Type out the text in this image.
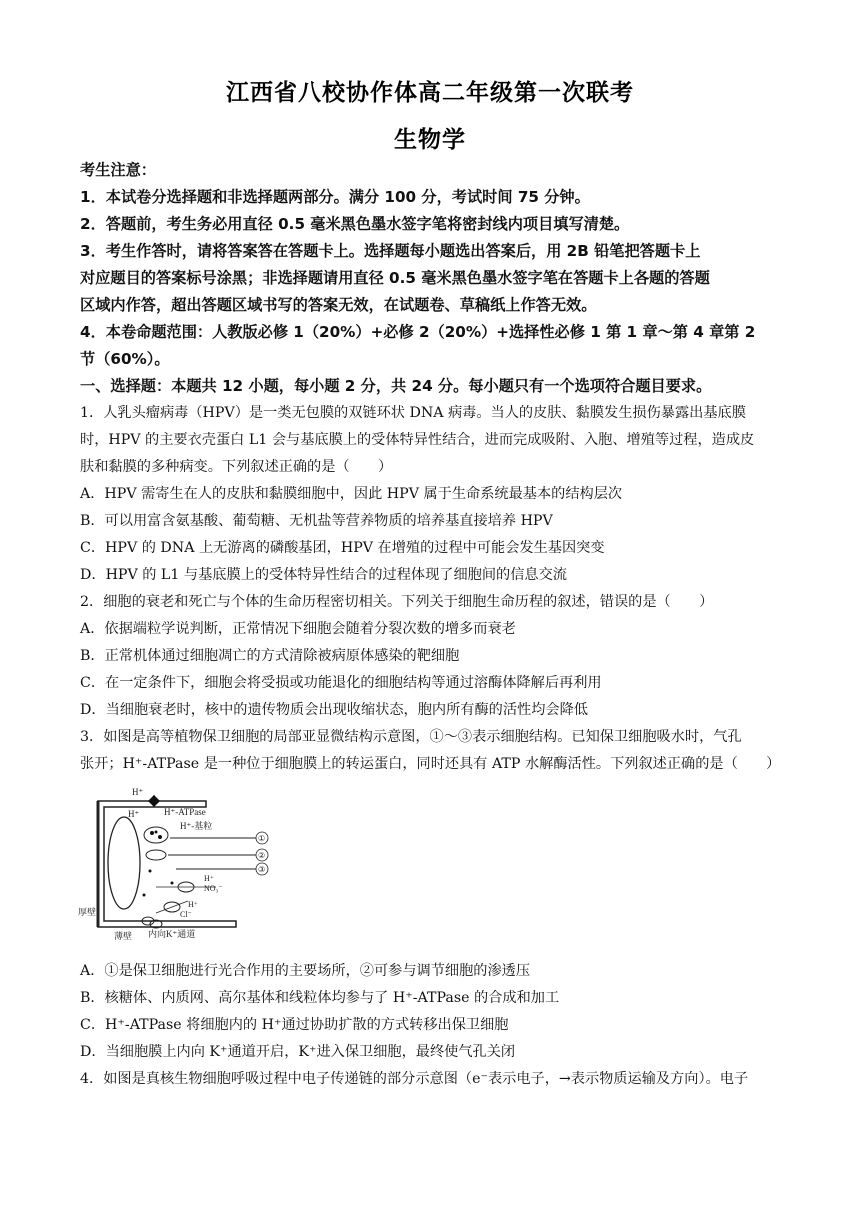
江西省八校协作体高二年级第一次联考
生物学
考生注意：
1．本试卷分选择题和非选择题两部分。满分 100 分，考试时间 75 分钟。
2．答题前，考生务必用直径 0.5 毫米黑色墨水签字笔将密封线内项目填写清楚。
3．考生作答时，请将答案答在答题卡上。选择题每小题选出答案后，用 2B 铅笔把答题卡上
对应题目的答案标号涂黑；非选择题请用直径 0.5 毫米黑色墨水签字笔在答题卡上各题的答题
区域内作答，超出答题区域书写的答案无效，在试题卷、草稿纸上作答无效。
4．本卷命题范围：人教版必修 1（20%）+必修 2（20%）+选择性必修 1 第 1 章～第 4 章第 2
节（60%）。
一、选择题：本题共 12 小题，每小题 2 分，共 24 分。每小题只有一个选项符合题目要求。
1．人乳头瘤病毒（HPV）是一类无包膜的双链环状 DNA 病毒。当人的皮肤、黏膜发生损伤暴露出基底膜
时，HPV 的主要衣壳蛋白 L1 会与基底膜上的受体特异性结合，进而完成吸附、入胞、增殖等过程，造成皮
肤和黏膜的多种病变。下列叙述正确的是（　　）
A．HPV 需寄生在人的皮肤和黏膜细胞中，因此 HPV 属于生命系统最基本的结构层次
B．可以用富含氨基酸、葡萄糖、无机盐等营养物质的培养基直接培养 HPV
C．HPV 的 DNA 上无游离的磷酸基团，HPV 在增殖的过程中可能会发生基因突变
D．HPV 的 L1 与基底膜上的受体特异性结合的过程体现了细胞间的信息交流
2．细胞的衰老和死亡与个体的生命历程密切相关。下列关于细胞生命历程的叙述，错误的是（　　）
A．依据端粒学说判断，正常情况下细胞会随着分裂次数的增多而衰老
B．正常机体通过细胞凋亡的方式清除被病原体感染的靶细胞
C．在一定条件下，细胞会将受损或功能退化的细胞结构等通过溶酶体降解后再利用
D．当细胞衰老时，核中的遗传物质会出现收缩状态，胞内所有酶的活性均会降低
3．如图是高等植物保卫细胞的局部亚显微结构示意图，①～③表示细胞结构。已知保卫细胞吸水时，气孔
张开；H⁺-ATPase 是一种位于细胞膜上的转运蛋白，同时还具有 ATP 水解酶活性。下列叙述正确的是（　　）
H⁺
H⁺	H⁺-ATPase
H⁺-基粒
①
②
③
H⁺
NO₃⁻
H⁺
Cl⁻
厚壁
薄壁 内向K⁺通道
A．①是保卫细胞进行光合作用的主要场所，②可参与调节细胞的渗透压
B．核糖体、内质网、高尔基体和线粒体均参与了 H⁺-ATPase 的合成和加工
C．H⁺-ATPase 将细胞内的 H⁺通过协助扩散的方式转移出保卫细胞
D．当细胞膜上内向 K⁺通道开启，K⁺进入保卫细胞，最终使气孔关闭
4．如图是真核生物细胞呼吸过程中电子传递链的部分示意图（e⁻表示电子，→表示物质运输及方向）。电子
